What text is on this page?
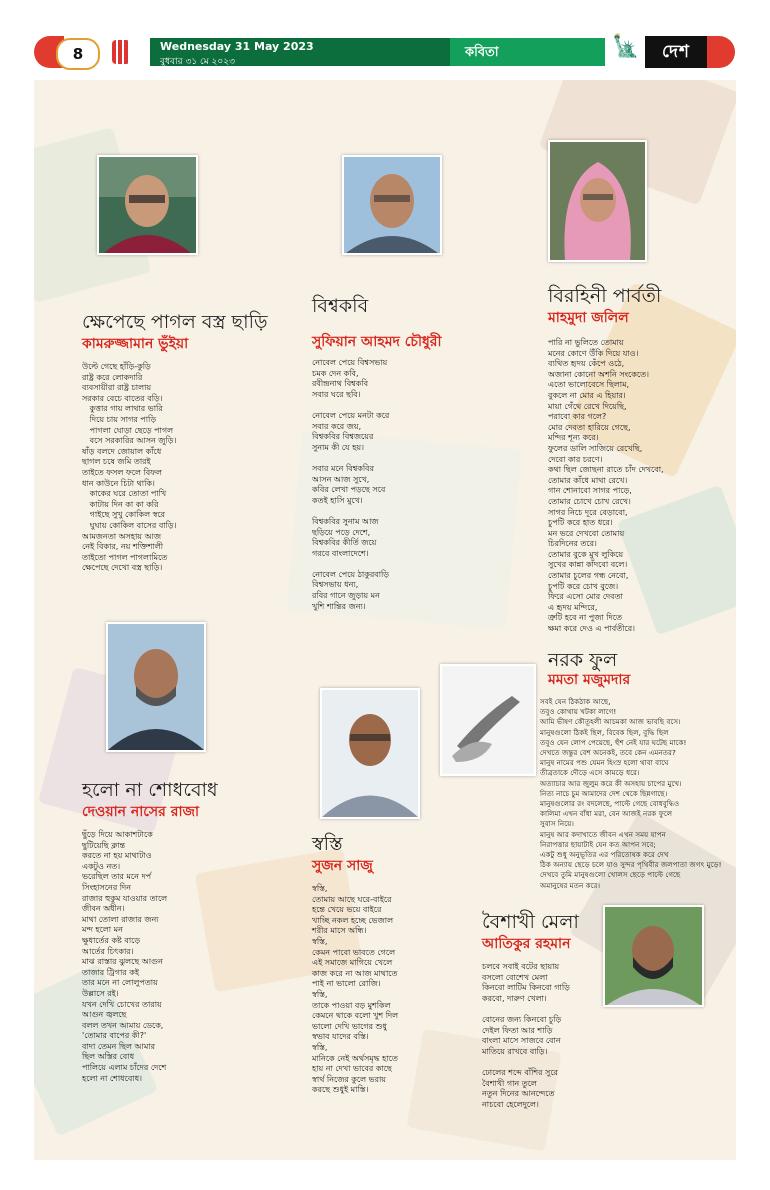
8	Wednesday 31 May 2023
বুধবার ৩১ মে ২০২৩
কবিতা	🗽	দেশ
ক্ষেপেছে পাগল বস্ত্র ছাড়ি
কামরুজ্জামান ভুঁইয়া
উল্টে গেছে হাঁড়ি-কুড়ি
রাষ্ট্র করে লোকদারি
ব্যবসায়ীরা রাষ্ট্র চালায়
সরকার বেচে বাতের বড়ি।
কুত্তার গায় লাথার ভারি
দিয়ে চায় সাগর পাড়ি
পাগলা ঘোড়া ছেড়ে পাগল
বসে সরকারির আসন জুড়ি।
ষাঁড় বলদে জোয়াল কাঁধে
ছাগল চষে জমি তারই
তাইতে ফসল ফলে বিফল
ধান কাউনে চিটা থাকি।
কাকের ঘরে তোতা পাখি
কাটায় দিন কা কা করি
গাইছে সুখু কোকিল স্বরে
ঘুঘায় কোকিল বাসের বাড়ি।
আমজনতা অসহায় আজ
নেই বিকার, নয় শক্তিশালী
তাইতো পাগল পাগলামিতে
ক্ষেপেছে দেখো বস্ত্র ছাড়ি।
বিশ্বকবি
সুফিয়ান আহমদ চৌধুরী
নোবেল পেয়ে বিশ্বসভায়
চমক দেন কবি,
রবীন্দ্রনাথ বিশ্বকবি
সবার ঘরে ছবি।

নোবেল পেয়ে মনটা করে
সবার করে জয়,
বিশ্বকবির বিশ্বজয়ের
সুনাম কী যে হয়।

সবার মনে বিশ্বকবির
আসন আজ সুখে,
কবির লেখা পড়ছে সবে
কতই হাসি মুখে।

বিশ্বকবির সুনাম আজ
ছড়িয়ে পড়ে দেশে,
বিশ্বকবির কীর্তি জয়ে
গরবে বাংলাদেশে।

নোবেল পেয়ে ঠাকুরবাড়ি
বিশ্বসভায় ধন্য,
রবির গানে জুড়ায় মন
খুশি শান্তির জন্য।
বিরহিনী পার্বতী
মাহমুদা জলিল
পারি না ভুলিতে তোমায়
মনের কোণে উঁকি দিয়ে যাও।
ব্যথিত হৃদয় কেঁপে ওঠে,
অজানা কোনো অশনি সংকেতে।
এতো ভালোবেসে ছিলাম,
বুকলে না মোর এ হিয়ার।
মায়া গেঁথে রেখে দিয়েছি,
পরাবো কার গলে?
মোর দেবতা হারিয়ে গেছে,
মন্দির শূন্য করে।
ফুলের ডালি সাজিয়ে রেখেছি,
দেবো কার চরণে।
কথা ছিল জোছনা রাতে চাঁদ দেখবো,
তোমার কাঁধে মাথা রেখে।
গান শোনাবো সাগর পাড়ে,
তোমার চোখে চোখ রেখে।
সাগর নিচে দূরে বেড়াবো,
চুপটি করে হাত ধরে।
মন ভরে দেখবো তোমায়
চিরদিনের তরে।
তোমার বুকে মুখ লুকিয়ে
সুখের কান্না কাঁদবো বলে।
তোমার চুলের গন্ধ নেবো,
চুপটি করে চোখ বুজে।
ফিরে এসো মোর দেবতা
এ হৃদয় মন্দিরে,
ত্রুটি হবে না পুজা দিতে
ক্ষমা করে দেও এ পার্বতীরে।
হলো না শোধবোধ
দেওয়ান নাসের রাজা
ছুঁড়ে দিয়ে আকাশটাকে
ছুটিয়েছি ক্লান্ত
করতে না হয় মাথাটাও
একটুও নত।
ভরেছিল তার মনে দর্প
সিংহাসনের দিন
রাজার হুকুম যাওয়ার তালে
জীবন অধীন।
মাথা তোলা রাজার জন্য
মন্দ হলো মন
ক্ষুধার্তের কষ্ট বাড়ে
আর্তের চিৎকার।
মাঝ রাস্তার ঝুলছে আগুন
তাজার ট্রিগার কই
তার মনে না লোলুপতায়
উল্লাসে রই।
যখন দেখি চোখের তারায়
আগুন জ্বলছে
বলল তখন আমায় ডেকে,
'তোমার বাপের কী?'
বাদা তেমন ছিল আমার
ছিল অস্তির বোধ
পালিয়ে এলাম চাঁদের দেশে
হলো না শোধবোধ।
স্বস্তি
সুজন সাজু
স্বস্তি,
তোমায় আছে ঘরে-বাইরে
হন্তে খেয়ে ভয়ে বাইরে
খাচ্ছি নকল হচ্ছে ভেজাল
শরীর মাসে অন্ধি।
স্বস্তি,
কেমন পাবো ভাবতে গেলে
এই সমাজে মাগিয়ে খেলে
কাজ করে না আজ মাথাতে
পাই না ভালো রোজি।
স্বস্তি,
তাকে পাওয়া বড় মুশকিল
কেমনে থাকে বলো খুশ দিল
ভালো দেখি ভাগের শুধু
স্বভাব যাদের বস্তি।
স্বস্তি,
মানিকে নেই অর্থসমৃদ্ধ হাতে
হায় না দেখা ভাবের কাছে
স্বার্থ নিজের কুলে ভরায়
করছে শুধুই মাস্তি।
নরক ফুল
মমতা মজুমদার
সবই যেন ঠিকঠাক আছে,
তবুও কোথায় খটকা লাগে!
আমি ভীষণ কৌতূহলী আচমকা আজ ভাবছি বসে।
মানুষগুলো ঠিকই ছিল, বিবেক ছিল, বুদ্ধি ছিল
তবুও যেন লোপ পেয়েছে, হুঁশ নেই যার ঘটেছ মাকে!
দেখতে জন্তুর বেশ অনেকই, তবে কেন এমনতর?
মানুষ নামের পশু যেমন হিংস্র হলো থাবা বাঘে
তীব্রতাকে দৌড়ে এসে কামড়ে ধরে।
অত্যাচার আর জুলুম করে কী অসহায় চাপের মুখে।
নিত্য নাচে চুম আমাদের দেশ থেকে ছিন্নগাছে।
মানুষগুলোর রং বদলেছে, পাল্টে গেছে বোধবুদ্ধিও
কালিমা এখন বাঁধা মরা, বেন আজই নরক ফুলে
সুবাস নিয়ে।
মানুষ আর কদাখাতে জীবন এখন সময় যাপন
নিরাপত্তার ছায়াটাই যেন কত আপন সবে;
একটু শুধু অনুভূতির এর পরিতোষক করে দেখ
ঠিক অন্যায় ছেড়ে চলে যাও সুন্দর পৃথিবীর জলপাতা জগৎ মুড়ে!
দেখবে তুমি মানুষগুলো খোলস ছেড়ে পাল্টে গেছে
অমানুষের মতন করে।
বৈশাখী মেলা
আতিকুর রহমান
চলবে সবাই বটের ছায়ায়
বসলো বোশেখ মেলা
কিনবো লাটিম কিনবো গাড়ি
করবো, দারুণ খেলা।

বোনের জন্য কিনবো চুড়ি
দেইল ফিতা আর শাড়ি
বাংলা মাসে সাজবে বোন
মাতিয়ে রাখবে বাড়ি।

ঢোলের শব্দে বাঁশির সুরে
বৈশাখী গান তুলে
নতুন দিনের আনন্দেতে
নাচবো হেলেদুলে।
